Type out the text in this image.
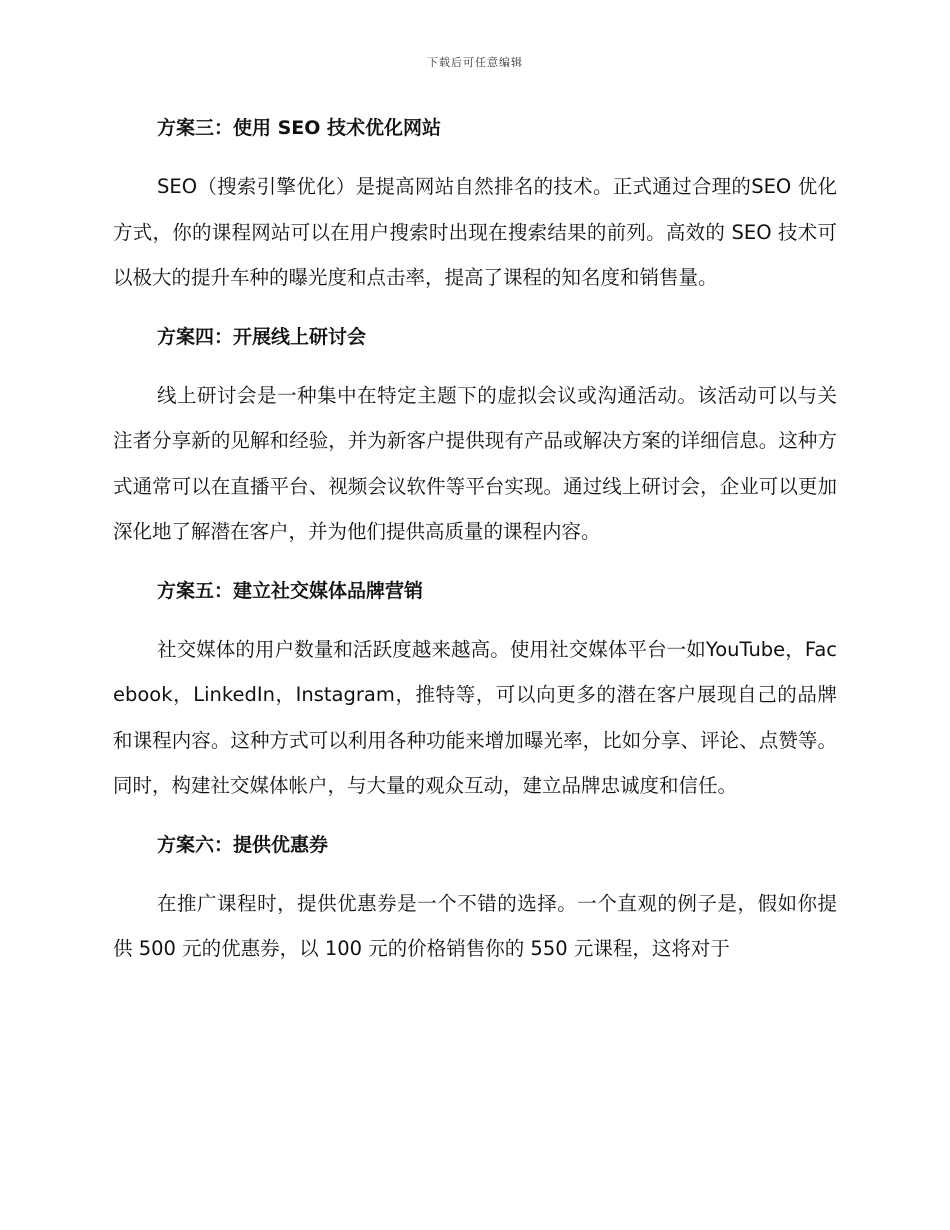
下载后可任意编辑
方案三：使用 SEO 技术优化网站

SEO（搜索引擎优化）是提高网站自然排名的技术。正式通过合理的SEO 优化方式，你的课程网站可以在用户搜索时出现在搜索结果的前列。高效的 SEO 技术可以极大的提升车种的曝光度和点击率，提高了课程的知名度和销售量。

方案四：开展线上研讨会

线上研讨会是一种集中在特定主题下的虚拟会议或沟通活动。该活动可以与关注者分享新的见解和经验，并为新客户提供现有产品或解决方案的详细信息。这种方式通常可以在直播平台、视频会议软件等平台实现。通过线上研讨会，企业可以更加深化地了解潜在客户，并为他们提供高质量的课程内容。

方案五：建立社交媒体品牌营销

社交媒体的用户数量和活跃度越来越高。使用社交媒体平台一如YouTube，Facebook，LinkedIn，Instagram，推特等，可以向更多的潜在客户展现自己的品牌和课程内容。这种方式可以利用各种功能来增加曝光率，比如分享、评论、点赞等。同时，构建社交媒体帐户，与大量的观众互动，建立品牌忠诚度和信任。

方案六：提供优惠券

在推广课程时，提供优惠券是一个不错的选择。一个直观的例子是，假如你提供 500 元的优惠券，以 100 元的价格销售你的 550 元课程，这将对于
